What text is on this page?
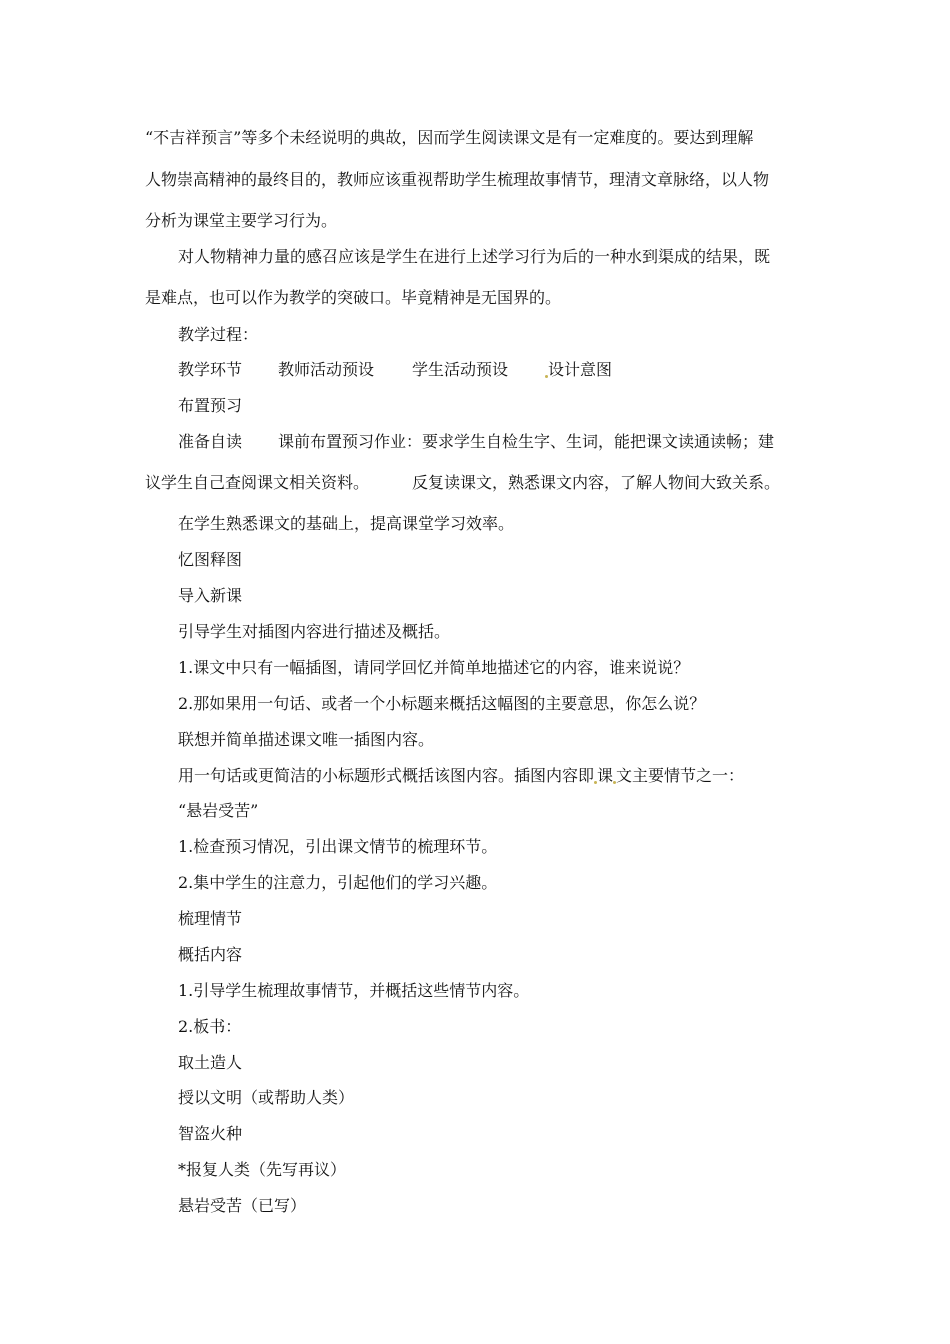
“不吉祥预言”等多个未经说明的典故，因而学生阅读课文是有一定难度的。要达到理解
人物崇高精神的最终目的，教师应该重视帮助学生梳理故事情节，理清文章脉络，以人物
分析为课堂主要学习行为。
对人物精神力量的感召应该是学生在进行上述学习行为后的一种水到渠成的结果，既
是难点，也可以作为教学的突破口。毕竟精神是无国界的。
教学过程：
教学环节 教师活动预设 学生活动预设 设计意图
布置预习
准备自读 课前布置预习作业：要求学生自检生字、生词，能把课文读通读畅；建
议学生自己查阅课文相关资料。	反复读课文，熟悉课文内容，了解人物间大致关系。
在学生熟悉课文的基础上，提高课堂学习效率。
忆图释图
导入新课
引导学生对插图内容进行描述及概括。
1.课文中只有一幅插图，请同学回忆并简单地描述它的内容，谁来说说？
2.那如果用一句话、或者一个小标题来概括这幅图的主要意思，你怎么说？
联想并简单描述课文唯一插图内容。
用一句话或更简洁的小标题形式概括该图内容。插图内容即 课 文主要情节之一：
“悬岩受苦”
1.检查预习情况，引出课文情节的梳理环节。
2.集中学生的注意力，引起他们的学习兴趣。
梳理情节
概括内容
1.引导学生梳理故事情节，并概括这些情节内容。
2.板书：
取土造人
授以文明（或帮助人类）
智盗火种
*报复人类（先写再议）
悬岩受苦（已写）
